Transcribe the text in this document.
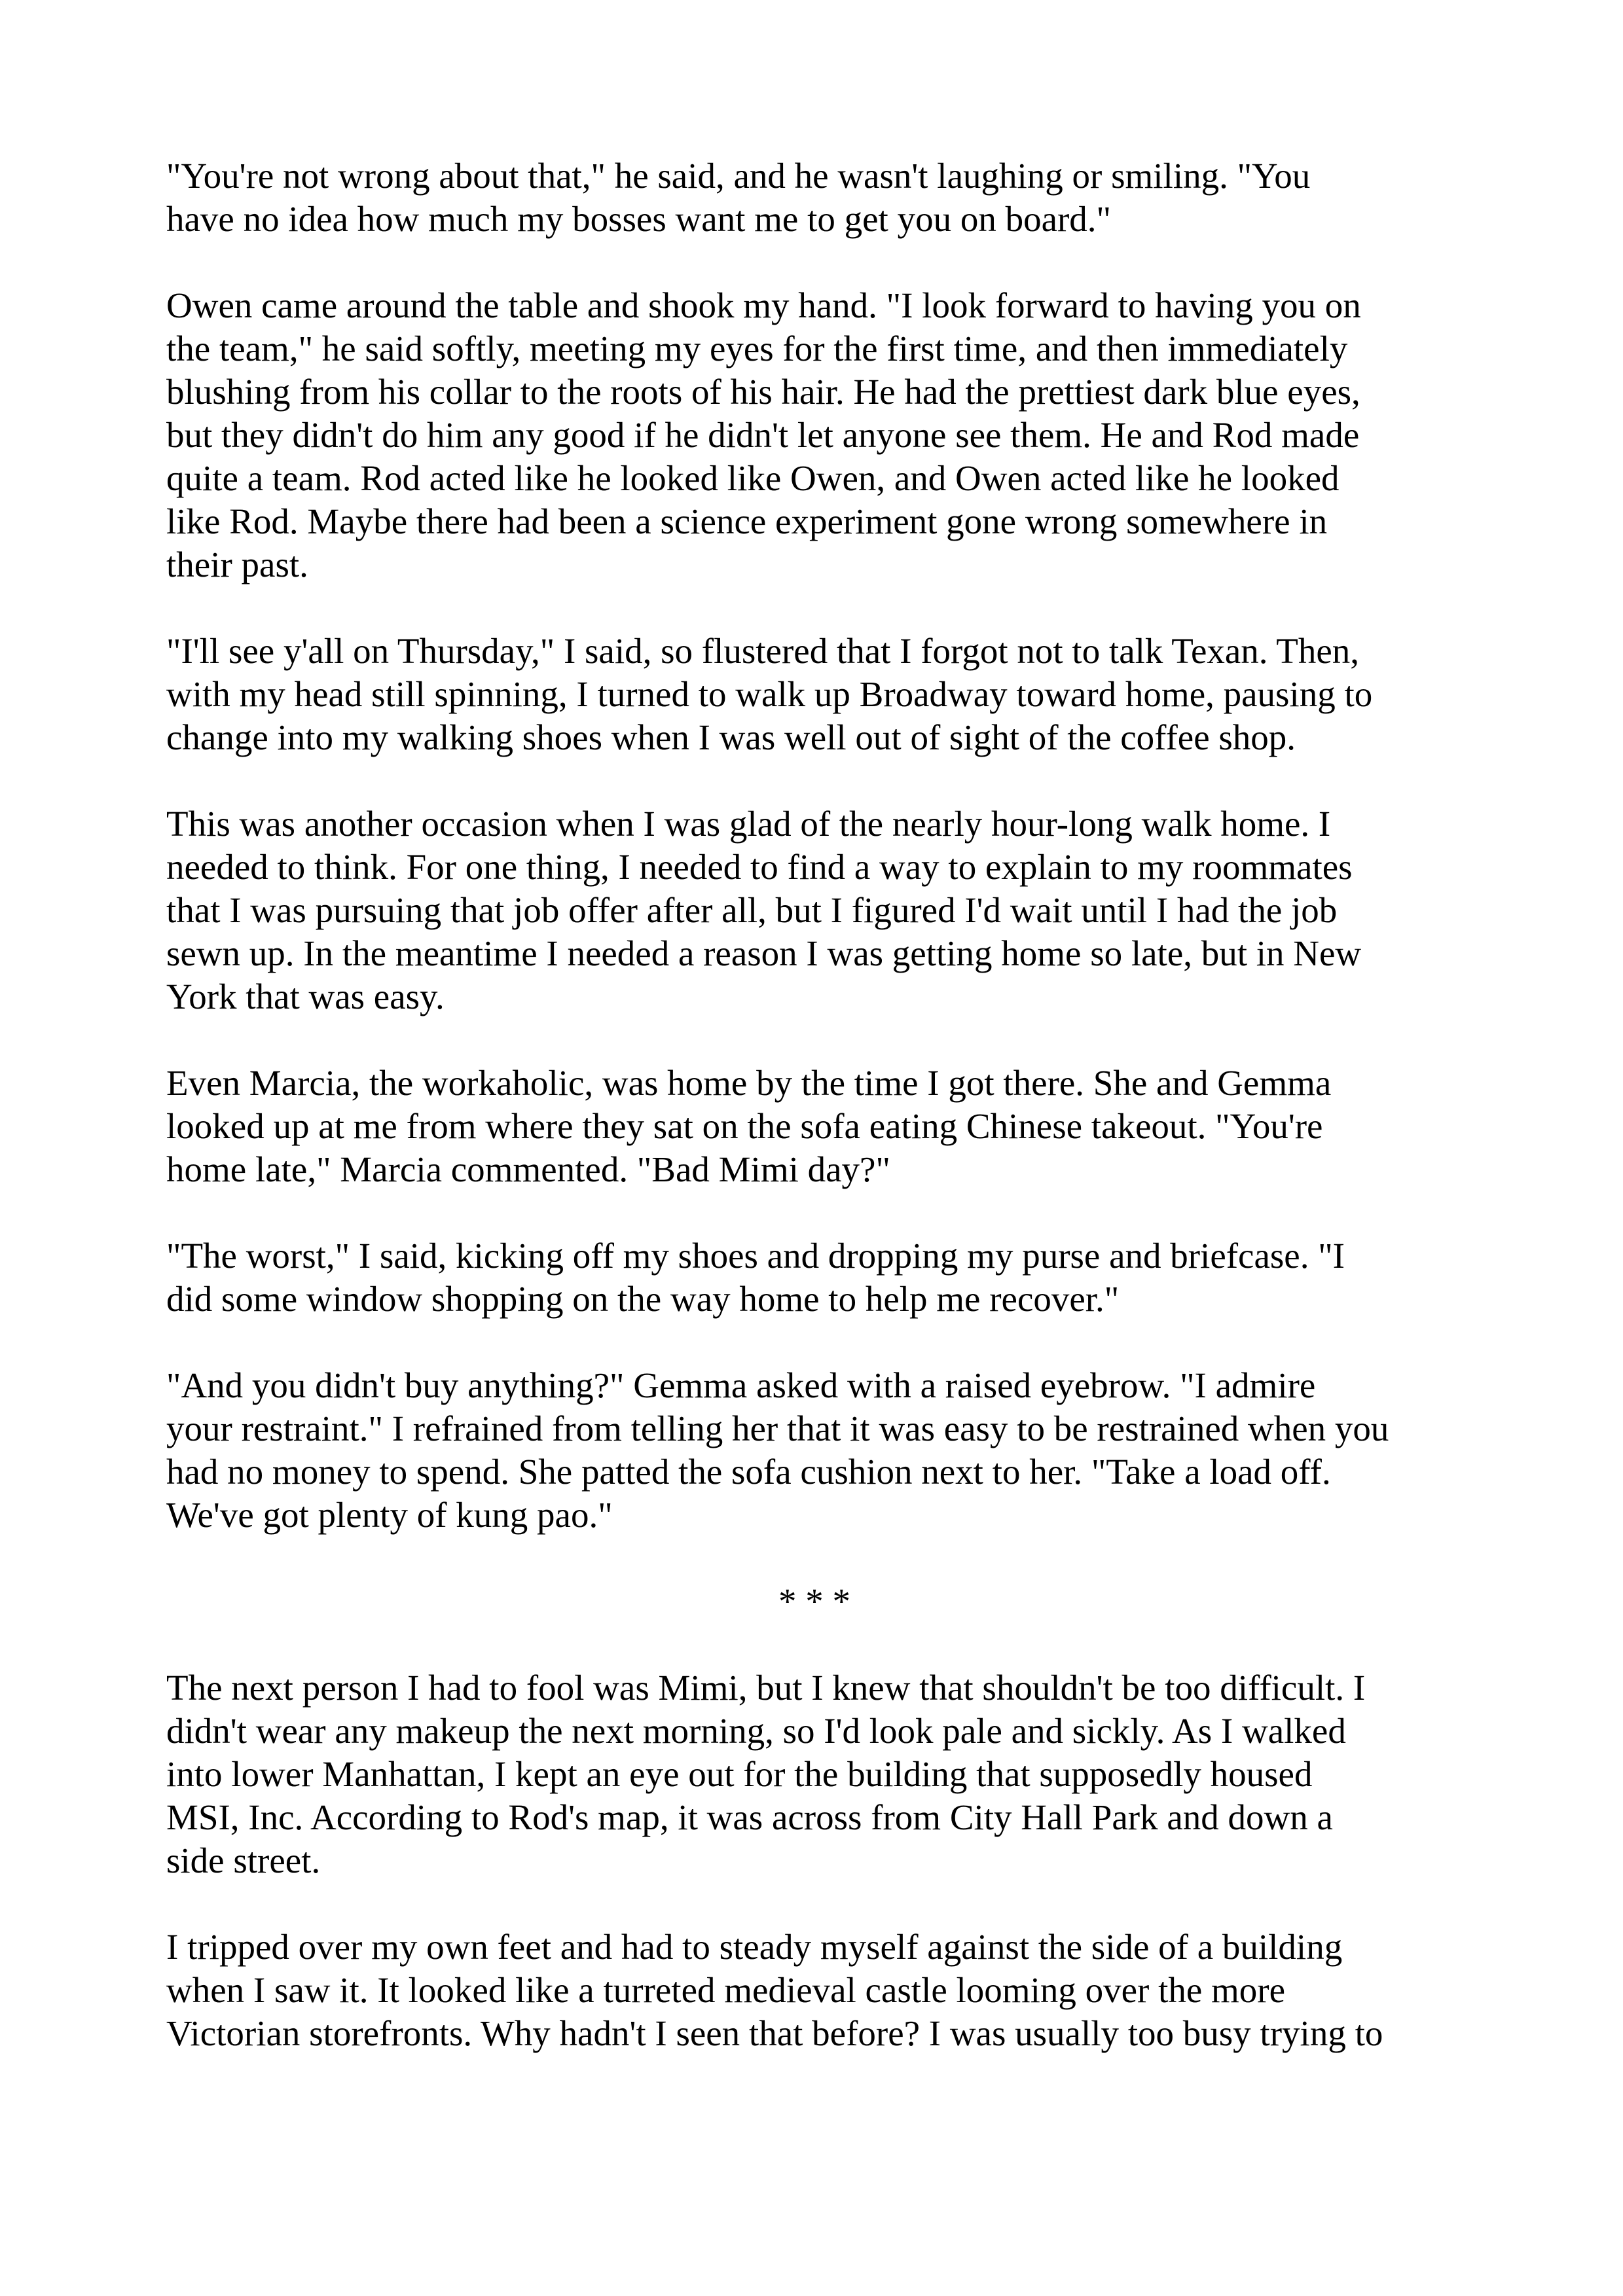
"You're not wrong about that," he said, and he wasn't laughing or smiling. "You
have no idea how much my bosses want me to get you on board."

Owen came around the table and shook my hand. "I look forward to having you on
the team," he said softly, meeting my eyes for the first time, and then immediately
blushing from his collar to the roots of his hair. He had the prettiest dark blue eyes,
but they didn't do him any good if he didn't let anyone see them. He and Rod made
quite a team. Rod acted like he looked like Owen, and Owen acted like he looked
like Rod. Maybe there had been a science experiment gone wrong somewhere in
their past.

"I'll see y'all on Thursday," I said, so flustered that I forgot not to talk Texan. Then,
with my head still spinning, I turned to walk up Broadway toward home, pausing to
change into my walking shoes when I was well out of sight of the coffee shop.

This was another occasion when I was glad of the nearly hour-long walk home. I
needed to think. For one thing, I needed to find a way to explain to my roommates
that I was pursuing that job offer after all, but I figured I'd wait until I had the job
sewn up. In the meantime I needed a reason I was getting home so late, but in New
York that was easy.

Even Marcia, the workaholic, was home by the time I got there. She and Gemma
looked up at me from where they sat on the sofa eating Chinese takeout. "You're
home late," Marcia commented. "Bad Mimi day?"

"The worst," I said, kicking off my shoes and dropping my purse and briefcase. "I
did some window shopping on the way home to help me recover."

"And you didn't buy anything?" Gemma asked with a raised eyebrow. "I admire
your restraint." I refrained from telling her that it was easy to be restrained when you
had no money to spend. She patted the sofa cushion next to her. "Take a load off.
We've got plenty of kung pao."

* * *

The next person I had to fool was Mimi, but I knew that shouldn't be too difficult. I
didn't wear any makeup the next morning, so I'd look pale and sickly. As I walked
into lower Manhattan, I kept an eye out for the building that supposedly housed
MSI, Inc. According to Rod's map, it was across from City Hall Park and down a
side street.

I tripped over my own feet and had to steady myself against the side of a building
when I saw it. It looked like a turreted medieval castle looming over the more
Victorian storefronts. Why hadn't I seen that before? I was usually too busy trying to
